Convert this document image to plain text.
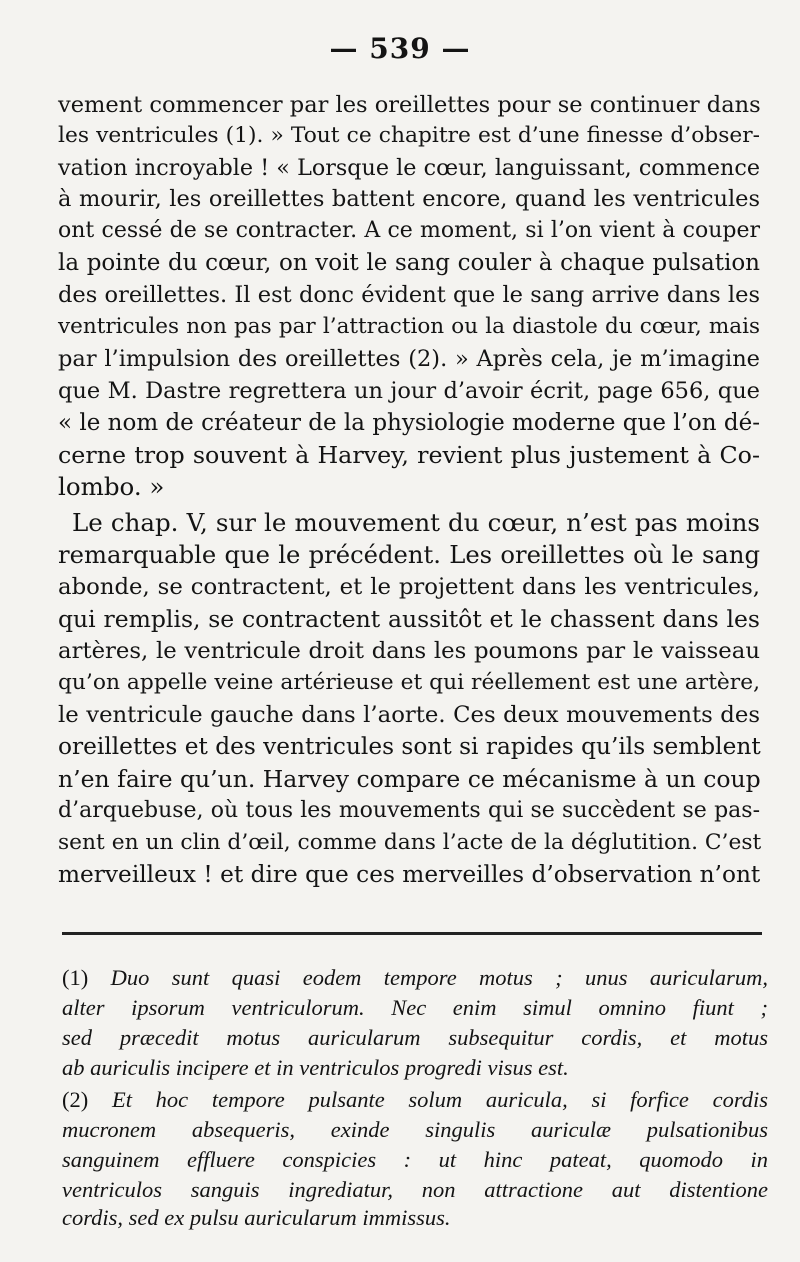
— 539 —
vement commencer par les oreillettes pour se continuer dans
les ventricules (1). » Tout ce chapitre est d’une finesse d’obser-
vation incroyable ! « Lorsque le cœur, languissant, commence
à mourir, les oreillettes battent encore, quand les ventricules
ont cessé de se contracter. A ce moment, si l’on vient à couper
la pointe du cœur, on voit le sang couler à chaque pulsation
des oreillettes. Il est donc évident que le sang arrive dans les
ventricules non pas par l’attraction ou la diastole du cœur, mais
par l’impulsion des oreillettes (2). » Après cela, je m’imagine
que M. Dastre regrettera un jour d’avoir écrit, page 656, que
« le nom de créateur de la physiologie moderne que l’on dé-
cerne trop souvent à Harvey, revient plus justement à Co-
lombo. »
Le chap. V, sur le mouvement du cœur, n’est pas moins
remarquable que le précédent. Les oreillettes où le sang
abonde, se contractent, et le projettent dans les ventricules,
qui remplis, se contractent aussitôt et le chassent dans les
artères, le ventricule droit dans les poumons par le vaisseau
qu’on appelle veine artérieuse et qui réellement est une artère,
le ventricule gauche dans l’aorte. Ces deux mouvements des
oreillettes et des ventricules sont si rapides qu’ils semblent
n’en faire qu’un. Harvey compare ce mécanisme à un coup
d’arquebuse, où tous les mouvements qui se succèdent se pas-
sent en un clin d’œil, comme dans l’acte de la déglutition. C’est
merveilleux ! et dire que ces merveilles d’observation n’ont
(1) Duo sunt quasi eodem tempore motus ; unus auricularum,
alter ipsorum ventriculorum. Nec enim simul omnino fiunt ;
sed præcedit motus auricularum subsequitur cordis, et motus
ab auriculis incipere et in ventriculos progredi visus est.
(2) Et hoc tempore pulsante solum auricula, si forfice cordis
mucronem absequeris, exinde singulis auriculæ pulsationibus
sanguinem effluere conspicies : ut hinc pateat, quomodo in
ventriculos sanguis ingrediatur, non attractione aut distentione
cordis, sed ex pulsu auricularum immissus.
